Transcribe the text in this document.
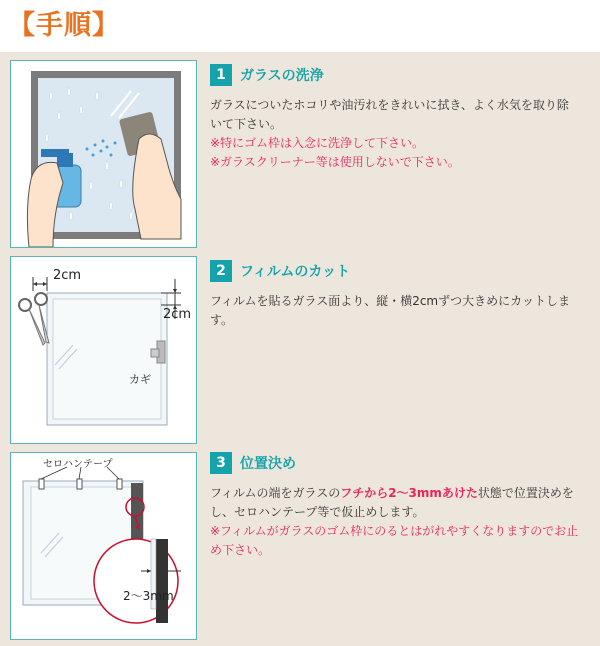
【手順】
1	ガラスの洗浄
ガラスについたホコリや油汚れをきれいに拭き、よく水気を取り除いて下さい。
※特にゴム枠は入念に洗浄して下さい。
※ガラスクリーナー等は使用しないで下さい。
2cm
2cm
カギ
2	フィルムのカット
フィルムを貼るガラス面より、縦・横2cmずつ大きめにカットします。
セロハンテープ
2〜3mm
3	位置決め
フィルムの端をガラスのフチから2〜3mmあけた状態で位置決めをし、セロハンテープ等で仮止めします。
※フィルムがガラスのゴム枠にのるとはがれやすくなりますのでお止め下さい。
